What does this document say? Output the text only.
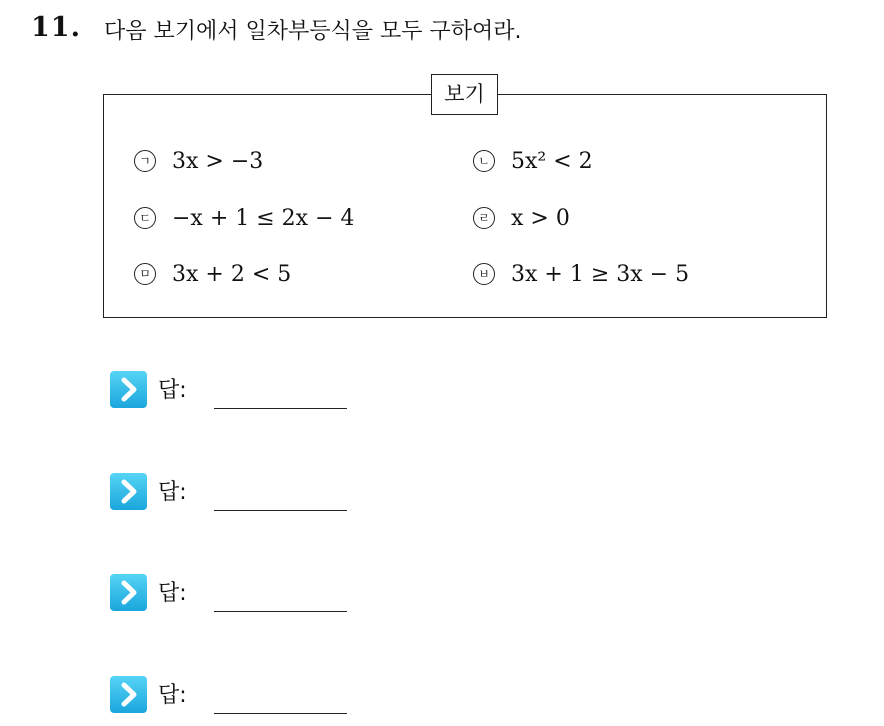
11. 다음 보기에서 일차부등식을 모두 구하여라.
보기
ㄱ 3x > −3	ㄴ 5x² < 2
ㄷ −x + 1 ≤ 2x − 4	ㄹ x > 0
ㅁ 3x + 2 < 5	ㅂ 3x + 1 ≥ 3x − 5
답:
답:
답:
답:
